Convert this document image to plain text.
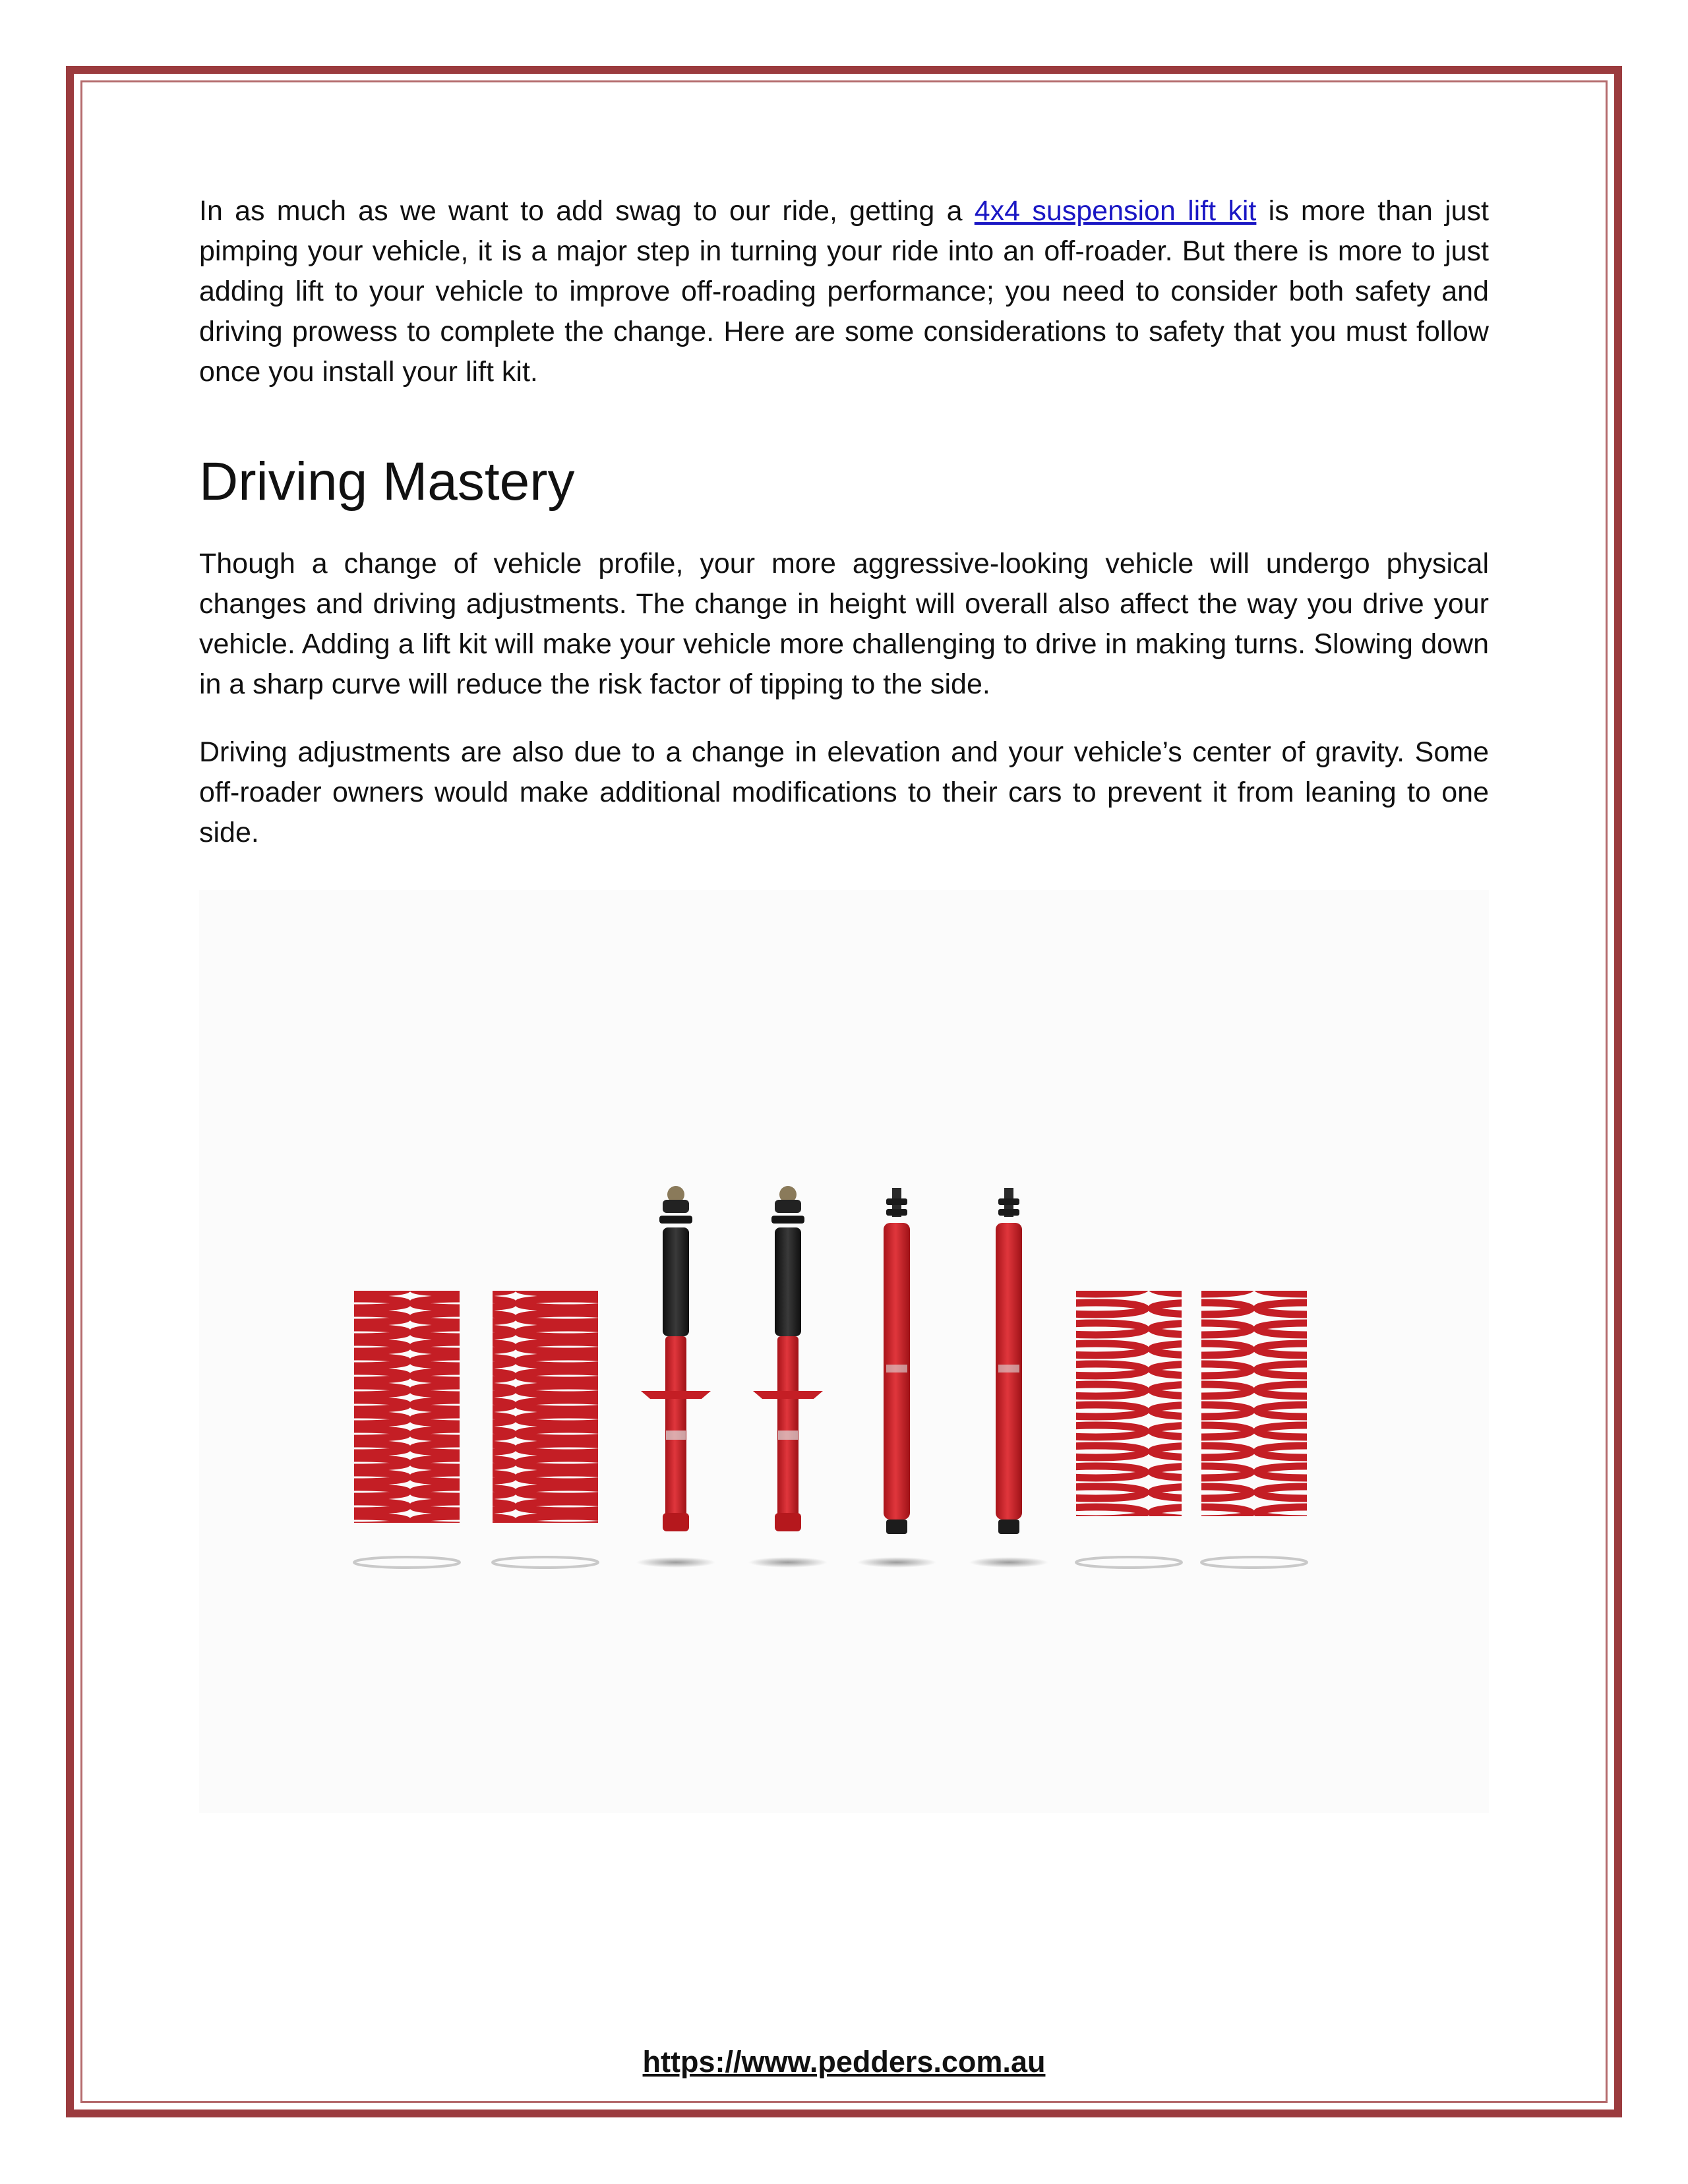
In as much as we want to add swag to our ride, getting a 4x4 suspension lift kit is more than just pimping your vehicle, it is a major step in turning your ride into an off-roader. But there is more to just adding lift to your vehicle to improve off-roading performance; you need to consider both safety and driving prowess to complete the change. Here are some considerations to safety that you must follow once you install your lift kit.

Driving Mastery

Though a change of vehicle profile, your more aggressive-looking vehicle will undergo physical changes and driving adjustments. The change in height will overall also affect the way you drive your vehicle. Adding a lift kit will make your vehicle more challenging to drive in making turns. Slowing down in a sharp curve will reduce the risk factor of tipping to the side.

Driving adjustments are also due to a change in elevation and your vehicle’s center of gravity. Some off-roader owners would make additional modifications to their cars to prevent it from leaning to one side.

https://www.pedders.com.au
